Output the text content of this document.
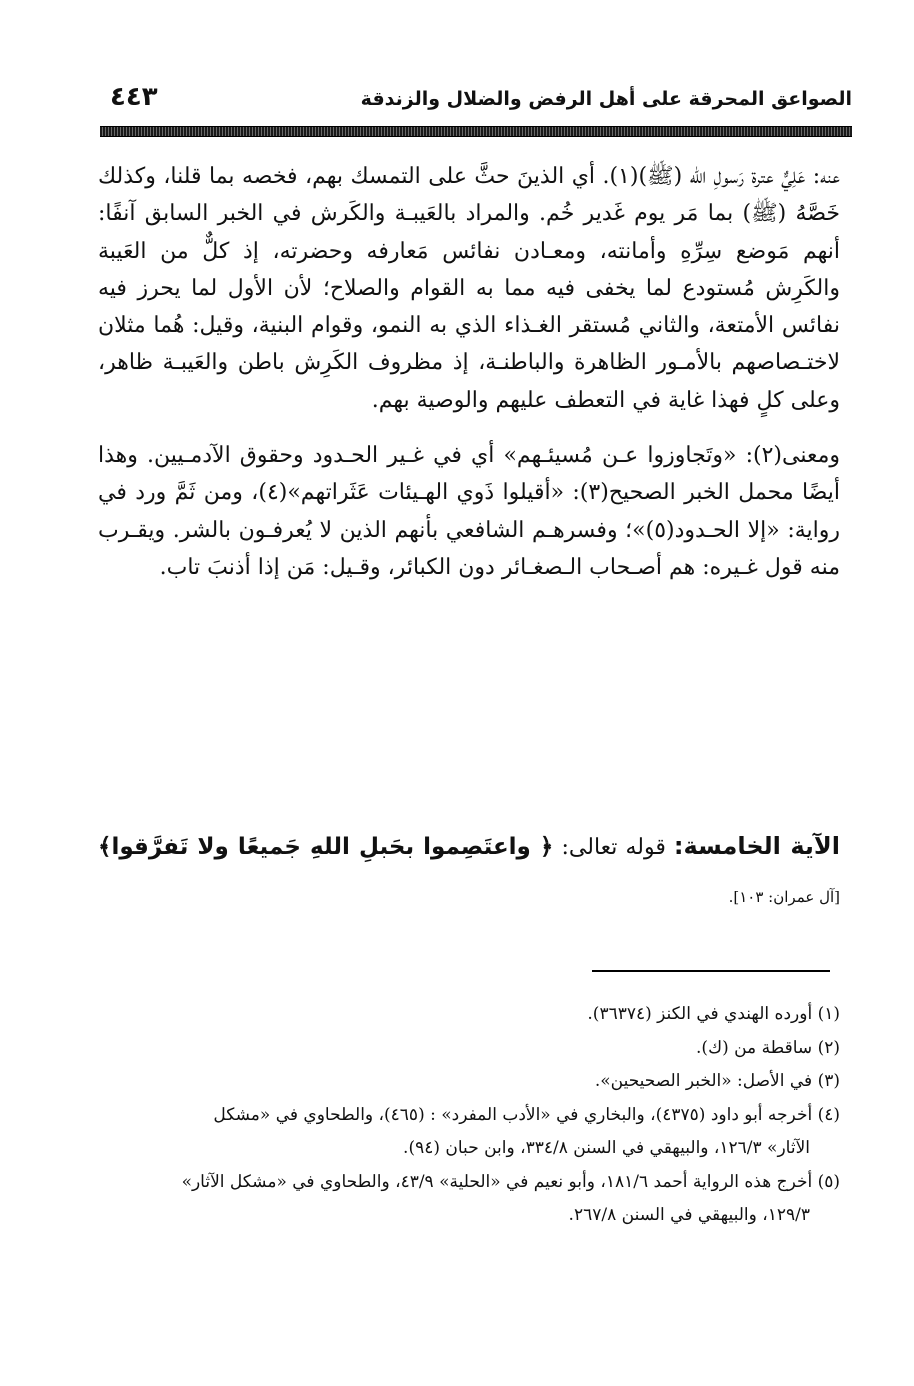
الصواعق المحرقة على أهل الرفض والضلال والزندقة
٤٤٣

عنه: عَلِيٌّ عترة رَسولِ الله (ﷺ)(١). أي الذينَ حثَّ على التمسك بهم، فخصه بما قلنا، وكذلك خَصَّهُ (ﷺ) بما مَر يوم غَدير خُم. والمراد بالعَيبـة والكَرش في الخبر السابق آنفًا: أنهم مَوضع سِرِّهِ وأمانته، ومعـادن نفائس مَعارفه وحضرته، إذ كلٌّ من العَيبة والكَرِش مُستودع لما يخفى فيه مما به القوام والصلاح؛ لأن الأول لما يحرز فيه نفائس الأمتعة، والثاني مُستقر الغـذاء الذي به النمو، وقوام البنية، وقيل: هُما مثلان لاختـصاصهم بالأمـور الظاهرة والباطنـة، إذ مظروف الكَرِش باطن والعَيبـة ظاهر، وعلى كلٍ فهذا غاية في التعطف عليهم والوصية بهم.

ومعنى(٢): «وتَجاوزوا عـن مُسيئـهم» أي في غـير الحـدود وحقوق الآدمـيين. وهذا أيضًا محمل الخبر الصحيح(٣): «أقيلوا ذَوي الهـيئات عَثَراتهم»(٤)، ومن ثَمَّ ورد في رواية: «إلا الحـدود(٥)»؛ وفسرهـم الشافعي بأنهم الذين لا يُعرفـون بالشر. ويقـرب منه قول غـيره: هم أصـحاب الـصغـائر دون الكبائر، وقـيل: مَن إذا أذنبَ تاب.

الآية الخامسة: قوله تعالى: ﴿ واعتَصِموا بحَبلِ اللهِ جَميعًا ولا تَفرَّقوا﴾ [آل عمران: ١٠٣].

(١) أورده الهندي في الكنز (٣٦٣٧٤).

(٢) ساقطة من (ك).

(٣) في الأصل: «الخبر الصحيحين».

(٤) أخرجه أبو داود (٤٣٧٥)، والبخاري في «الأدب المفرد» : (٤٦٥)، والطحاوي في «مشكل

الآثار» ١٢٦/٣، والبيهقي في السنن ٣٣٤/٨، وابن حبان (٩٤).

(٥) أخرج هذه الرواية أحمد ١٨١/٦، وأبو نعيم في «الحلية» ٤٣/٩، والطحاوي في «مشكل الآثار»

١٢٩/٣، والبيهقي في السنن ٢٦٧/٨.
